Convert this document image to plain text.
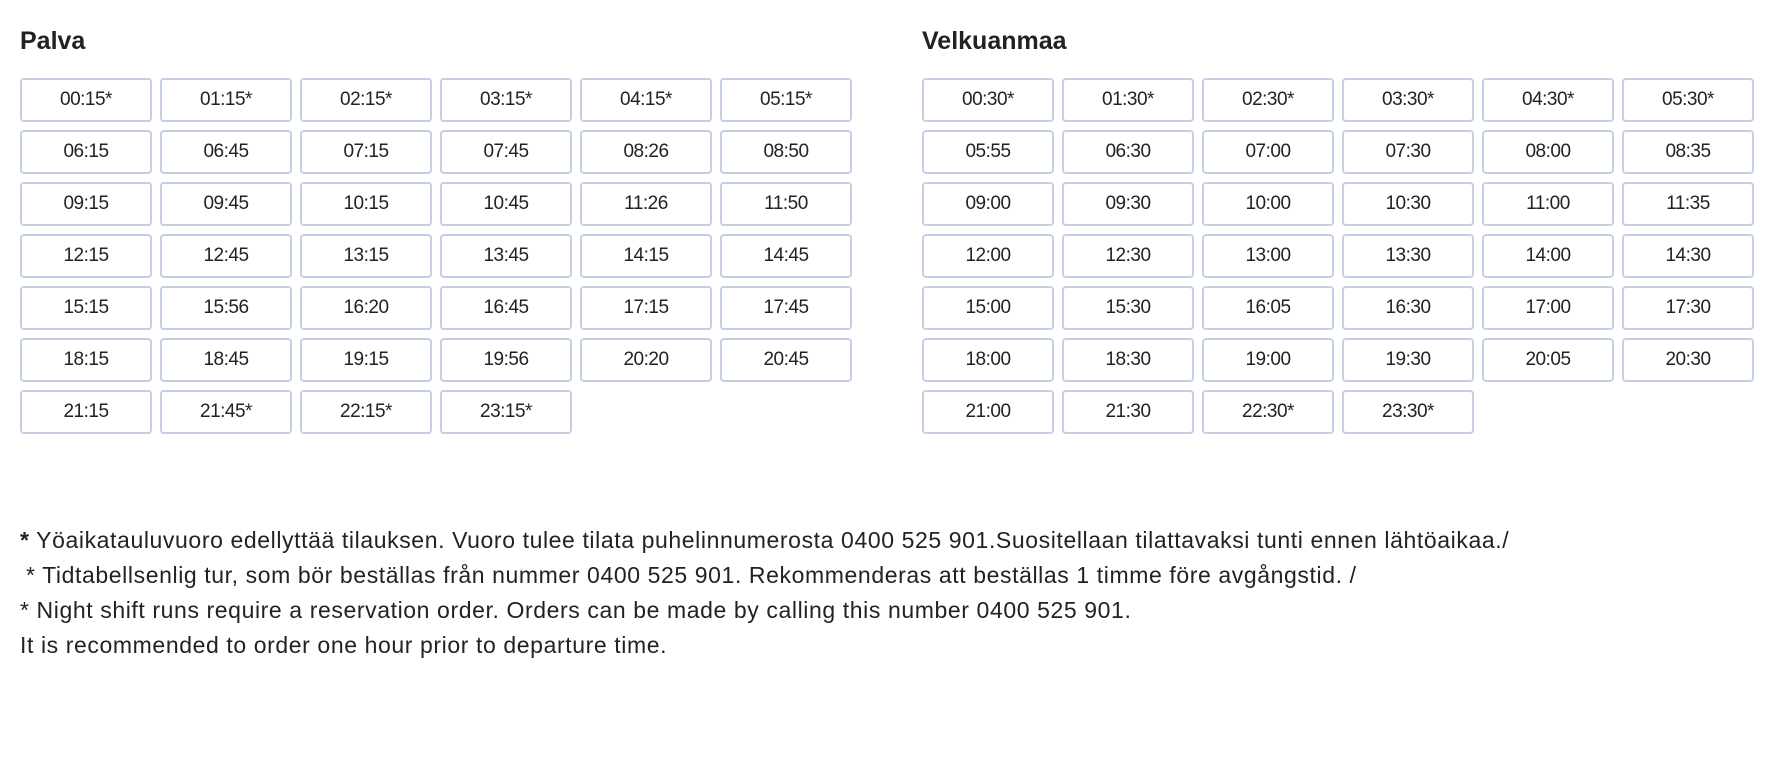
Palva
00:15*	01:15*	02:15*	03:15*	04:15*	05:15*
06:15	06:45	07:15	07:45	08:26	08:50
09:15	09:45	10:15	10:45	11:26	11:50
12:15	12:45	13:15	13:45	14:15	14:45
15:15	15:56	16:20	16:45	17:15	17:45
18:15	18:45	19:15	19:56	20:20	20:45
21:15	21:45*	22:15*	23:15*
Velkuanmaa
00:30*	01:30*	02:30*	03:30*	04:30*	05:30*
05:55	06:30	07:00	07:30	08:00	08:35
09:00	09:30	10:00	10:30	11:00	11:35
12:00	12:30	13:00	13:30	14:00	14:30
15:00	15:30	16:05	16:30	17:00	17:30
18:00	18:30	19:00	19:30	20:05	20:30
21:00	21:30	22:30*	23:30*

* Yöaikatauluvuoro edellyttää tilauksen. Vuoro tulee tilata puhelinnumerosta 0400 525 901.Suositellaan tilattavaksi tunti ennen lähtöaikaa./

* Tidtabellsenlig tur, som bör beställas från nummer 0400 525 901. Rekommenderas att beställas 1 timme före avgångstid. /

* Night shift runs require a reservation order. Orders can be made by calling this number 0400 525 901.

It is recommended to order one hour prior to departure time.
